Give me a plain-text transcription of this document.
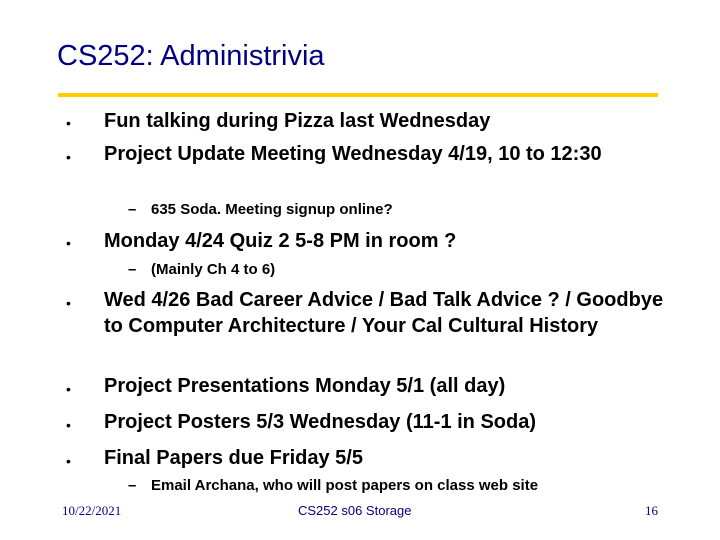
CS252: Administrivia
• Fun talking during Pizza last Wednesday
• Project Update Meeting Wednesday 4/19, 10 to 12:30
– 635 Soda. Meeting signup online?
• Monday 4/24 Quiz 2 5-8 PM in room ?
– (Mainly Ch 4 to 6)
• Wed 4/26 Bad Career Advice / Bad Talk Advice ? / Goodbye to Computer Architecture / Your Cal Cultural History
• Project Presentations Monday 5/1 (all day)
• Project Posters 5/3 Wednesday (11-1 in Soda)
• Final Papers due Friday 5/5
– Email Archana, who will post papers on class web site
10/22/2021	CS252 s06 Storage	16
